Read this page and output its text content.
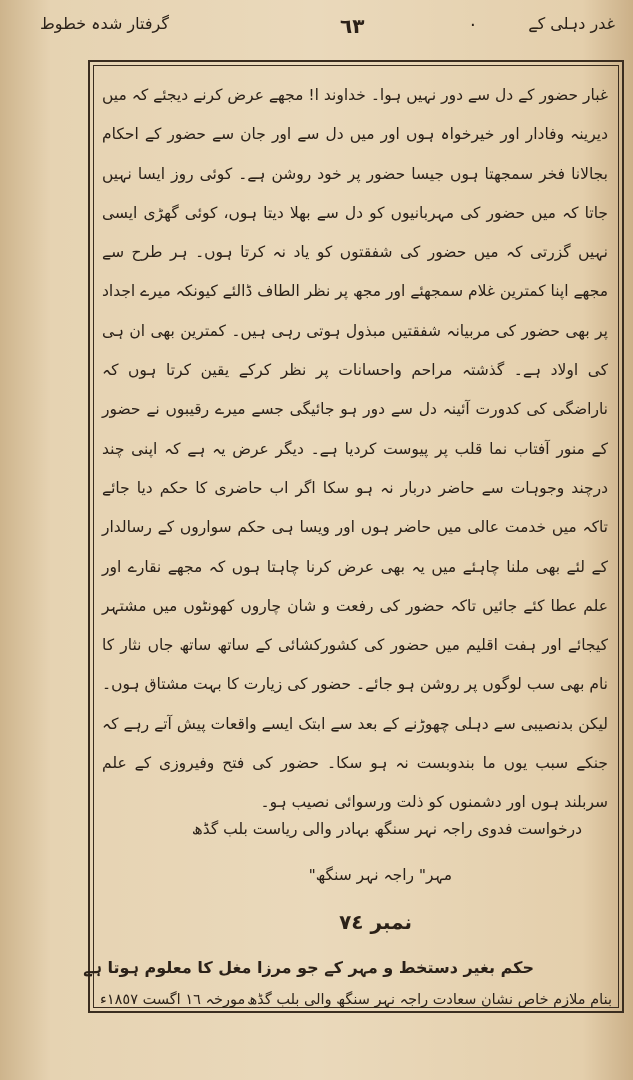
غدر دہلی کے
٦٣	.
گرفتار شدہ خطوط

غبار حضور کے دل سے دور نہیں ہوا۔ خداوند ا! مجھے عرض کرنے دیجئے کہ میں دیرینہ وفادار اور خیرخواہ ہوں اور میں دل سے اور جان سے حضور کے احکام بجالانا فخر سمجھتا ہوں جیسا حضور پر خود روشن ہے۔ کوئی روز ایسا نہیں جاتا کہ میں حضور کی مہربانیوں کو دل سے بھلا دیتا ہوں، کوئی گھڑی ایسی نہیں گزرتی کہ میں حضور کی شفقتوں کو یاد نہ کرتا ہوں۔ ہر طرح سے مجھے اپنا کمترین غلام سمجھئے اور مجھ پر نظر الطاف ڈالئے کیونکہ میرے اجداد پر بھی حضور کی مربیانہ شفقتیں مبذول ہوتی رہی ہیں۔ کمترین بھی ان ہی کی اولاد ہے۔ گذشتہ مراحم واحسانات پر نظر کرکے یقین کرتا ہوں کہ ناراضگی کی کدورت آئینہ دل سے دور ہو جائیگی جسے میرے رقیبوں نے حضور کے منور آفتاب نما قلب پر پیوست کردیا ہے۔ دیگر عرض یہ ہے کہ اپنی چند درچند وجوہات سے حاضر دربار نہ ہو سکا اگر اب حاضری کا حکم دیا جائے تاکہ میں خدمت عالی میں حاضر ہوں اور ویسا ہی حکم سواروں کے رسالدار کے لئے بھی ملنا چاہئے میں یہ بھی عرض کرنا چاہتا ہوں کہ مجھے نقارے اور علم عطا کئے جائیں تاکہ حضور کی رفعت و شان چاروں کھونٹوں میں مشتہر کیجائے اور ہفت اقلیم میں حضور کی کشورکشائی کے ساتھ ساتھ جاں نثار کا نام بھی سب لوگوں پر روشن ہو جائے۔ حضور کی زیارت کا بہت مشتاق ہوں۔ لیکن بدنصیبی سے دہلی چھوڑنے کے بعد سے ابتک ایسے واقعات پیش آتے رہے کہ جنکے سبب یوں ما بندوبست نہ ہو سکا۔ حضور کی فتح وفیروزی کے علم سربلند ہوں اور دشمنوں کو ذلت ورسوائی نصیب ہو۔

درخواست فدوی راجہ نہر سنگھ بہادر والی ریاست بلب گڈھ
مہر" راجہ نہر سنگھ"
نمبر ٧٤
حکم بغیر دستخط و مہر کے جو مرزا مغل کا معلوم ہوتا ہے
بنام ملازم خاص نشان سعادت راجہ نہر سنگھ والی بلب گڈھ
مورخہ ١٦ اگست ١٨٥٧ء
